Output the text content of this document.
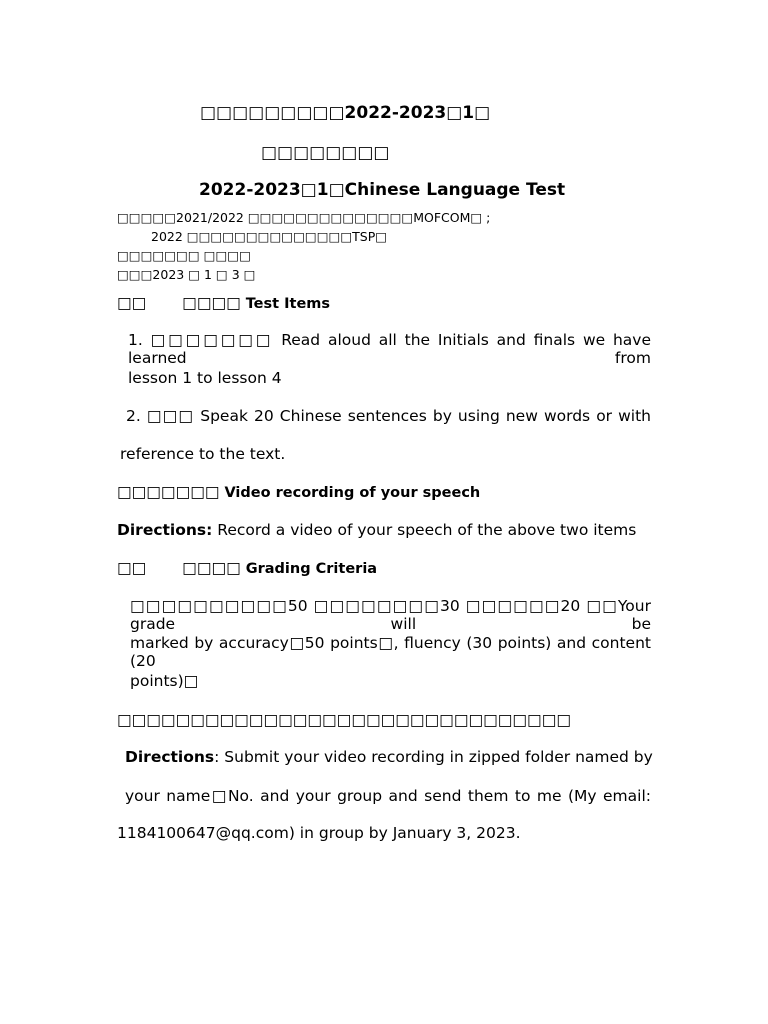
□□□□□□□□□2022-2023□1□
□□□□□□□□
2022-2023□1□Chinese Language Test
□□□□□2021/2022 □□□□□□□□□□□□□□MOFCOM□ ;
2022 □□□□□□□□□□□□□□TSP□
□□□□□□□ □□□□
□□□2023 □ 1 □ 3 □
□□ □□□□ Test Items
1. □□□□□□□ Read aloud all the Initials and finals we have learned from
lesson 1 to lesson 4
2. □□□ Speak 20 Chinese sentences by using new words or with
reference to the text.
□□□□□□□ Video recording of your speech
Directions: Record a video of your speech of the above two items
□□ □□□□ Grading Criteria
□□□□□□□□□□50 □□□□□□□□30 □□□□□□20 □□Your grade will be
marked by accuracy□50 points□, fluency (30 points) and content (20
points)□
□□□□□□□□□□□□□□□□□□□□□□□□□□□□□□□
Directions: Submit your video recording in zipped folder named by
your name□No. and your group and send them to me (My email:
1184100647@qq.com) in group by January 3, 2023.
